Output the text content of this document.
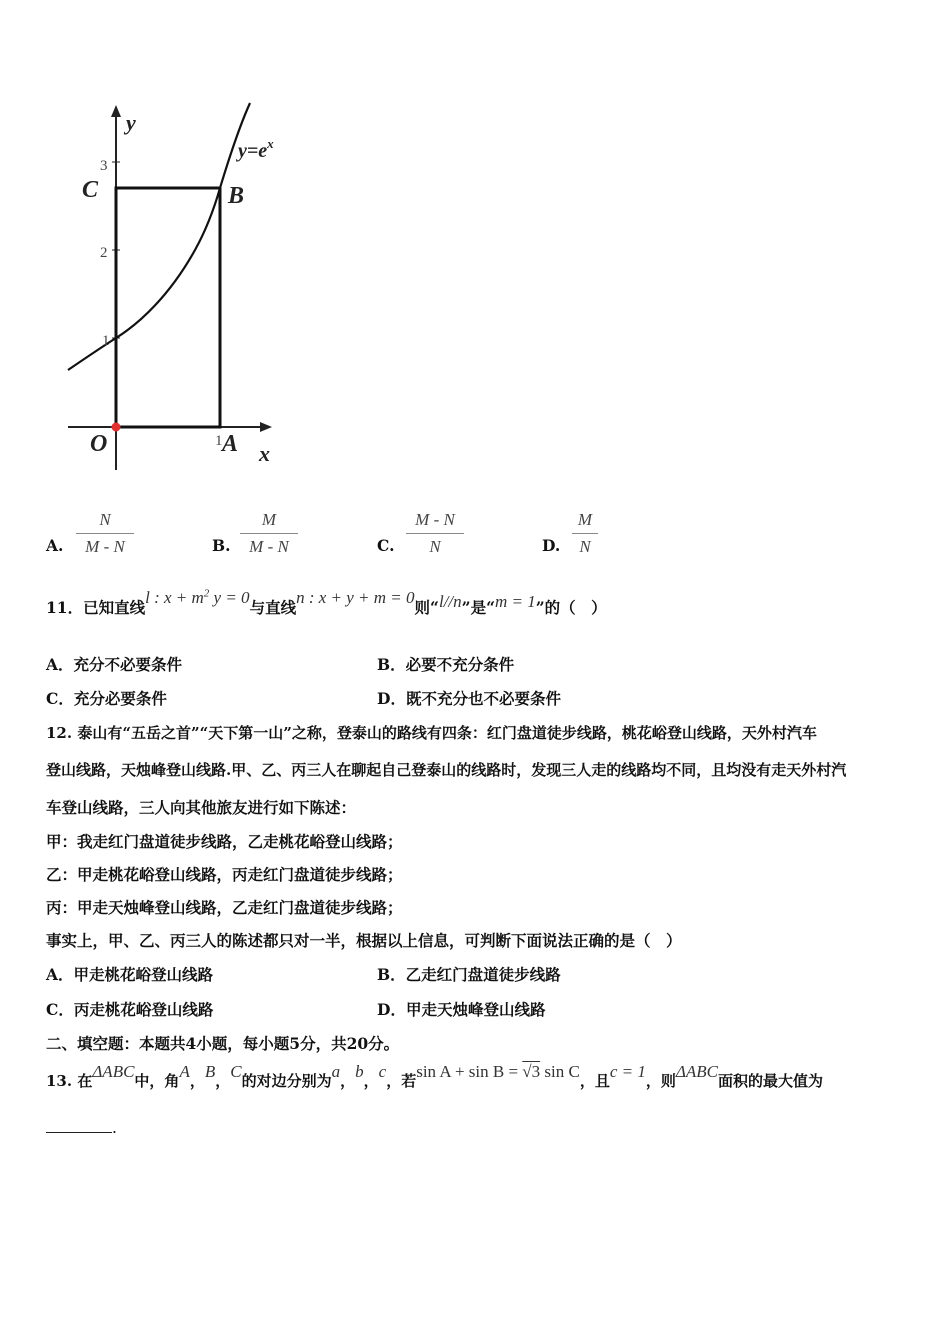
y
x
$y=e^x$
3
2
1
1
C	B
O	A
A.
N
M - N	B.
M
M - N	C.
M - N
N	D.
M
N
11．已知直线l : $x + m^2$ y = 0与直线n : x + y + m = 0则“l//n”是“m = 1”的（　）
A．充分不必要条件	B．必要不充分条件
C．充分必要条件	D．既不充分也不必要条件
12. 泰山有“五岳之首”“天下第一山”之称，登泰山的路线有四条：红门盘道徒步线路，桃花峪登山线路，天外村汽车
登山线路，天烛峰登山线路.甲、乙、丙三人在聊起自己登泰山的线路时，发现三人走的线路均不同，且均没有走天外村汽
车登山线路，三人向其他旅友进行如下陈述：
甲：我走红门盘道徒步线路，乙走桃花峪登山线路；
乙：甲走桃花峪登山线路，丙走红门盘道徒步线路；
丙：甲走天烛峰登山线路，乙走红门盘道徒步线路；
事实上，甲、乙、丙三人的陈述都只对一半，根据以上信息，可判断下面说法正确的是（　）
A．甲走桃花峪登山线路	B．乙走红门盘道徒步线路
C．丙走桃花峪登山线路	D．甲走天烛峰登山线路
二、填空题：本题共4小题，每小题5分，共20分。
13. 在ΔABC中，角A，B，C的对边分别为a，b，c，若sin A + sin B = √3 sin C，且c = 1，则ΔABC面积的最大值为
.
